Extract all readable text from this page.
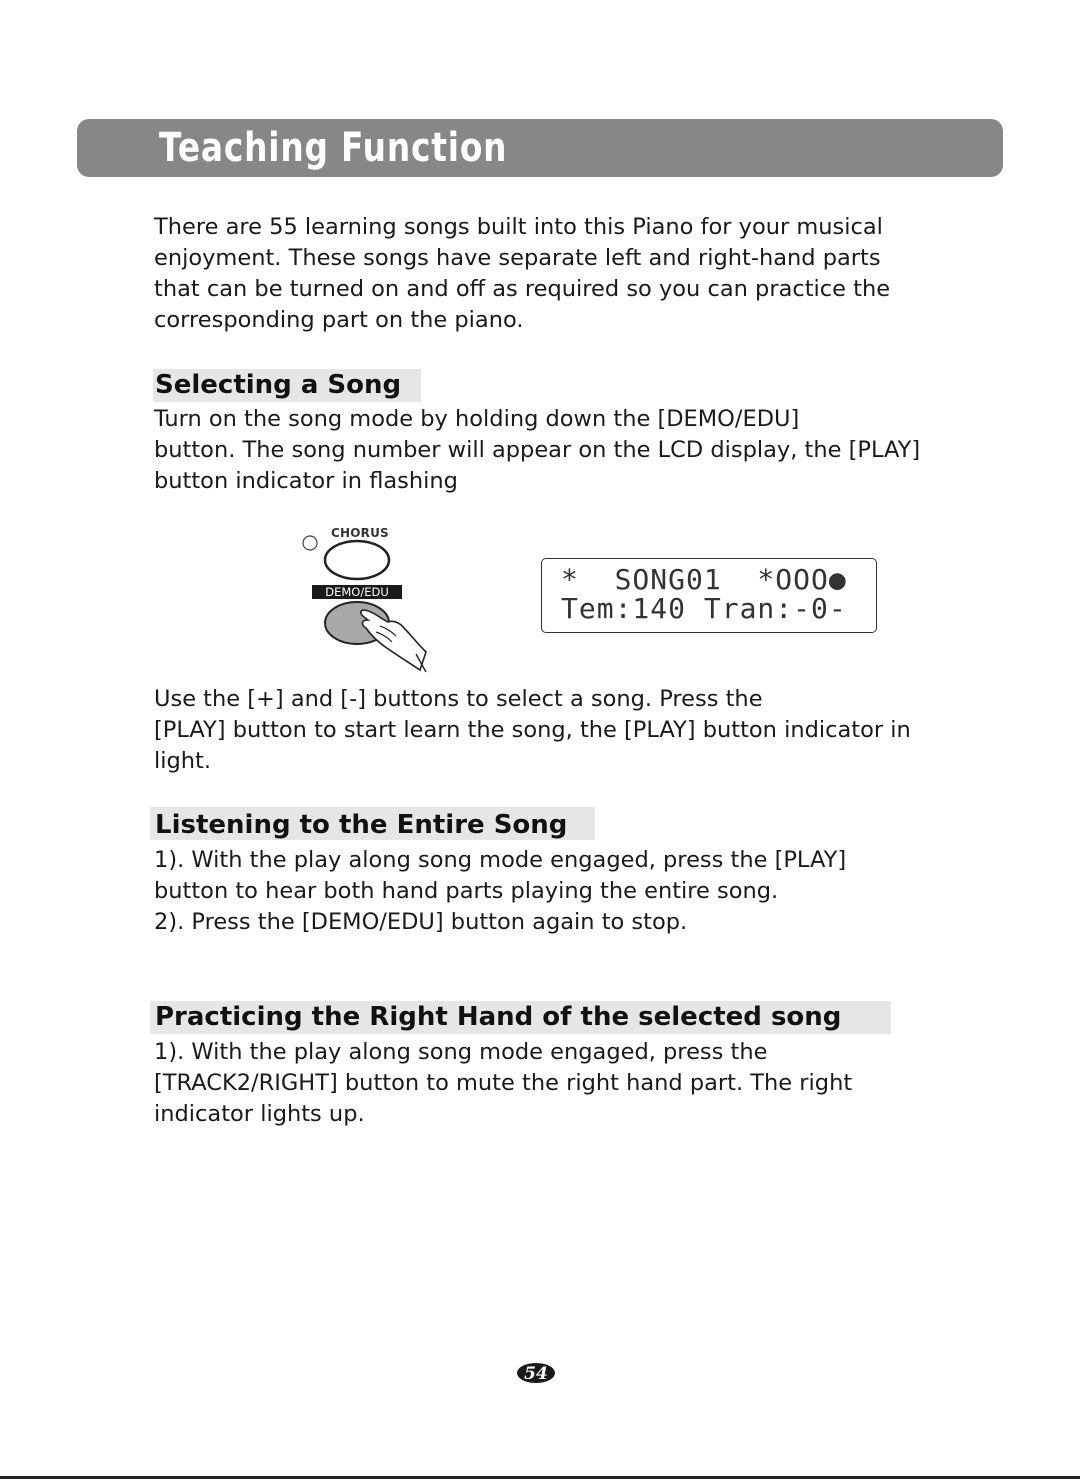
Teaching Function

There are 55 learning songs built into this Piano for your musical
enjoyment. These songs have separate left and right-hand parts
that can be turned on and off as required so you can practice the
corresponding part on the piano.

Selecting a Song

Turn on the song mode by holding down the [DEMO/EDU]
button. The song number will appear on the LCD display, the [PLAY]
button indicator in flashing

CHORUS
DEMO/EDU	*  SONG01  *OOO●
Tem:140 Tran:-0-

Use the [+] and [-] buttons to select a song. Press the
[PLAY] button to start learn the song, the [PLAY] button indicator in
light.

Listening to the Entire Song

1). With the play along song mode engaged, press the [PLAY]
button to hear both hand parts playing the entire song.
2). Press the [DEMO/EDU] button again to stop.

Practicing the Right Hand of the selected song

1). With the play along song mode engaged, press the
[TRACK2/RIGHT] button to mute the right hand part. The right
indicator lights up.

54
